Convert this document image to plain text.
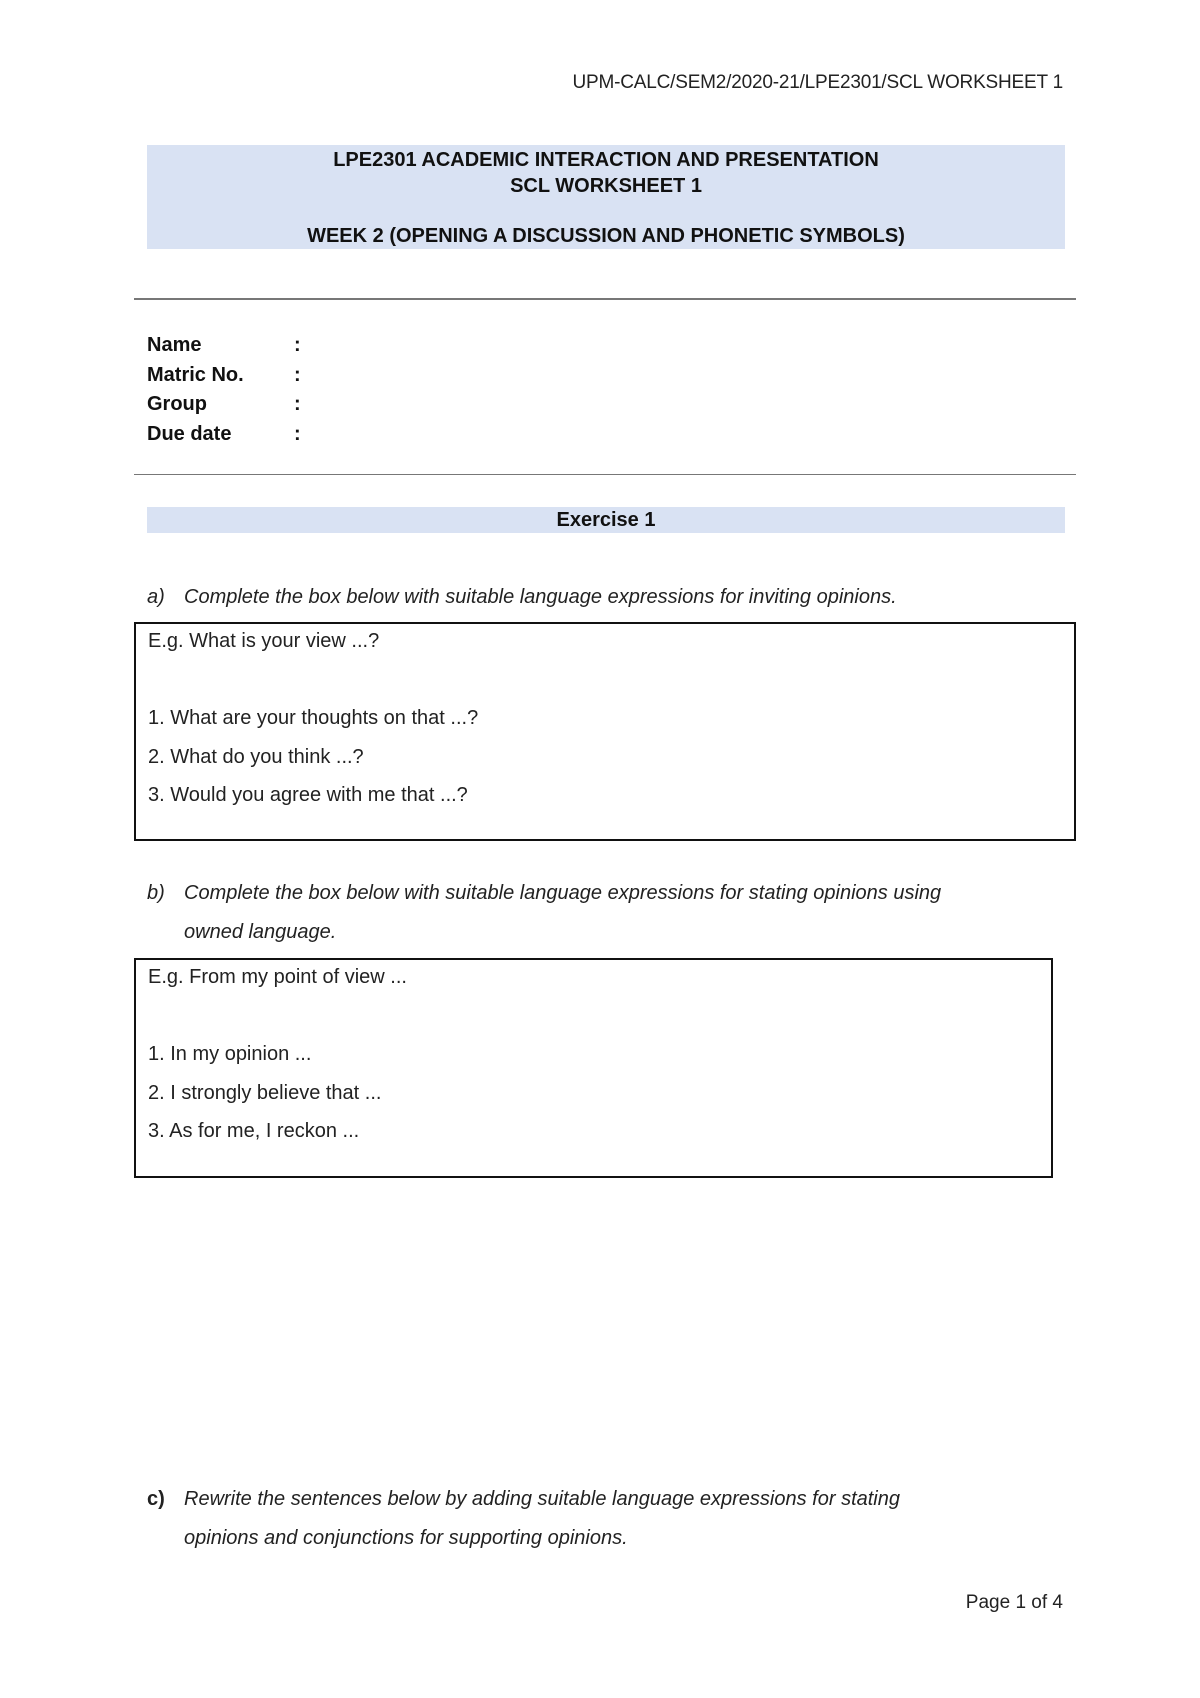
UPM-CALC/SEM2/2020-21/LPE2301/SCL WORKSHEET 1
LPE2301 ACADEMIC INTERACTION AND PRESENTATION
SCL WORKSHEET 1
WEEK 2 (OPENING A DISCUSSION AND PHONETIC SYMBOLS)
Name	:
Matric No.	:
Group	:
Due date	:
Exercise 1
a) Complete the box below with suitable language expressions for inviting opinions.
E.g. What is your view ...?
1. What are your thoughts on that ...?
2. What do you think ...?
3. Would you agree with me that ...?
b) Complete the box below with suitable language expressions for stating opinions using
owned language.
E.g. From my point of view ...
1. In my opinion ...
2. I strongly believe that ...
3. As for me, I reckon ...
c) Rewrite the sentences below by adding suitable language expressions for stating
opinions and conjunctions for supporting opinions.
Page 1 of 4
